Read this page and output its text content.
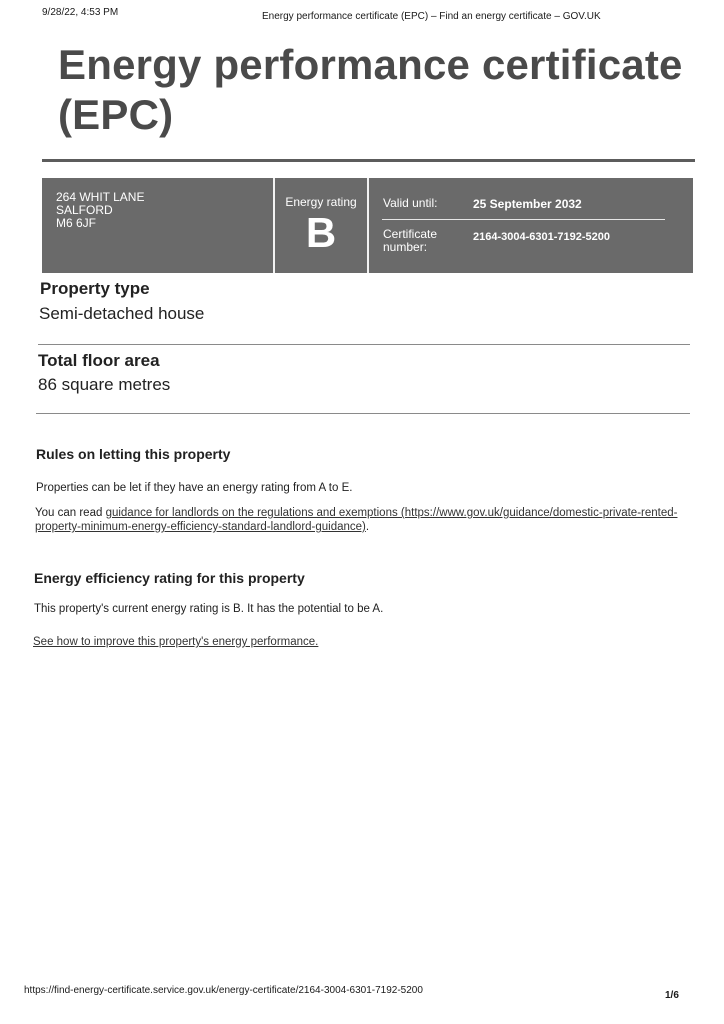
9/28/22, 4:53 PM	Energy performance certificate (EPC) – Find an energy certificate – GOV.UK
Energy performance certificate
(EPC)
264 WHIT LANE
SALFORD
M6 6JF
Energy rating
B
Valid until:	25 September 2032
Certificate
number:
2164-3004-6301-7192-5200
Property type
Semi-detached house
Total floor area
86 square metres
Rules on letting this property
Properties can be let if they have an energy rating from A to E.
You can read guidance for landlords on the regulations and exemptions (https://www.gov.uk/guidance/domestic-private-rented-
property-minimum-energy-efficiency-standard-landlord-guidance).
Energy efficiency rating for this property
This property's current energy rating is B. It has the potential to be A.
See how to improve this property's energy performance.
https://find-energy-certificate.service.gov.uk/energy-certificate/2164-3004-6301-7192-5200	1/6
